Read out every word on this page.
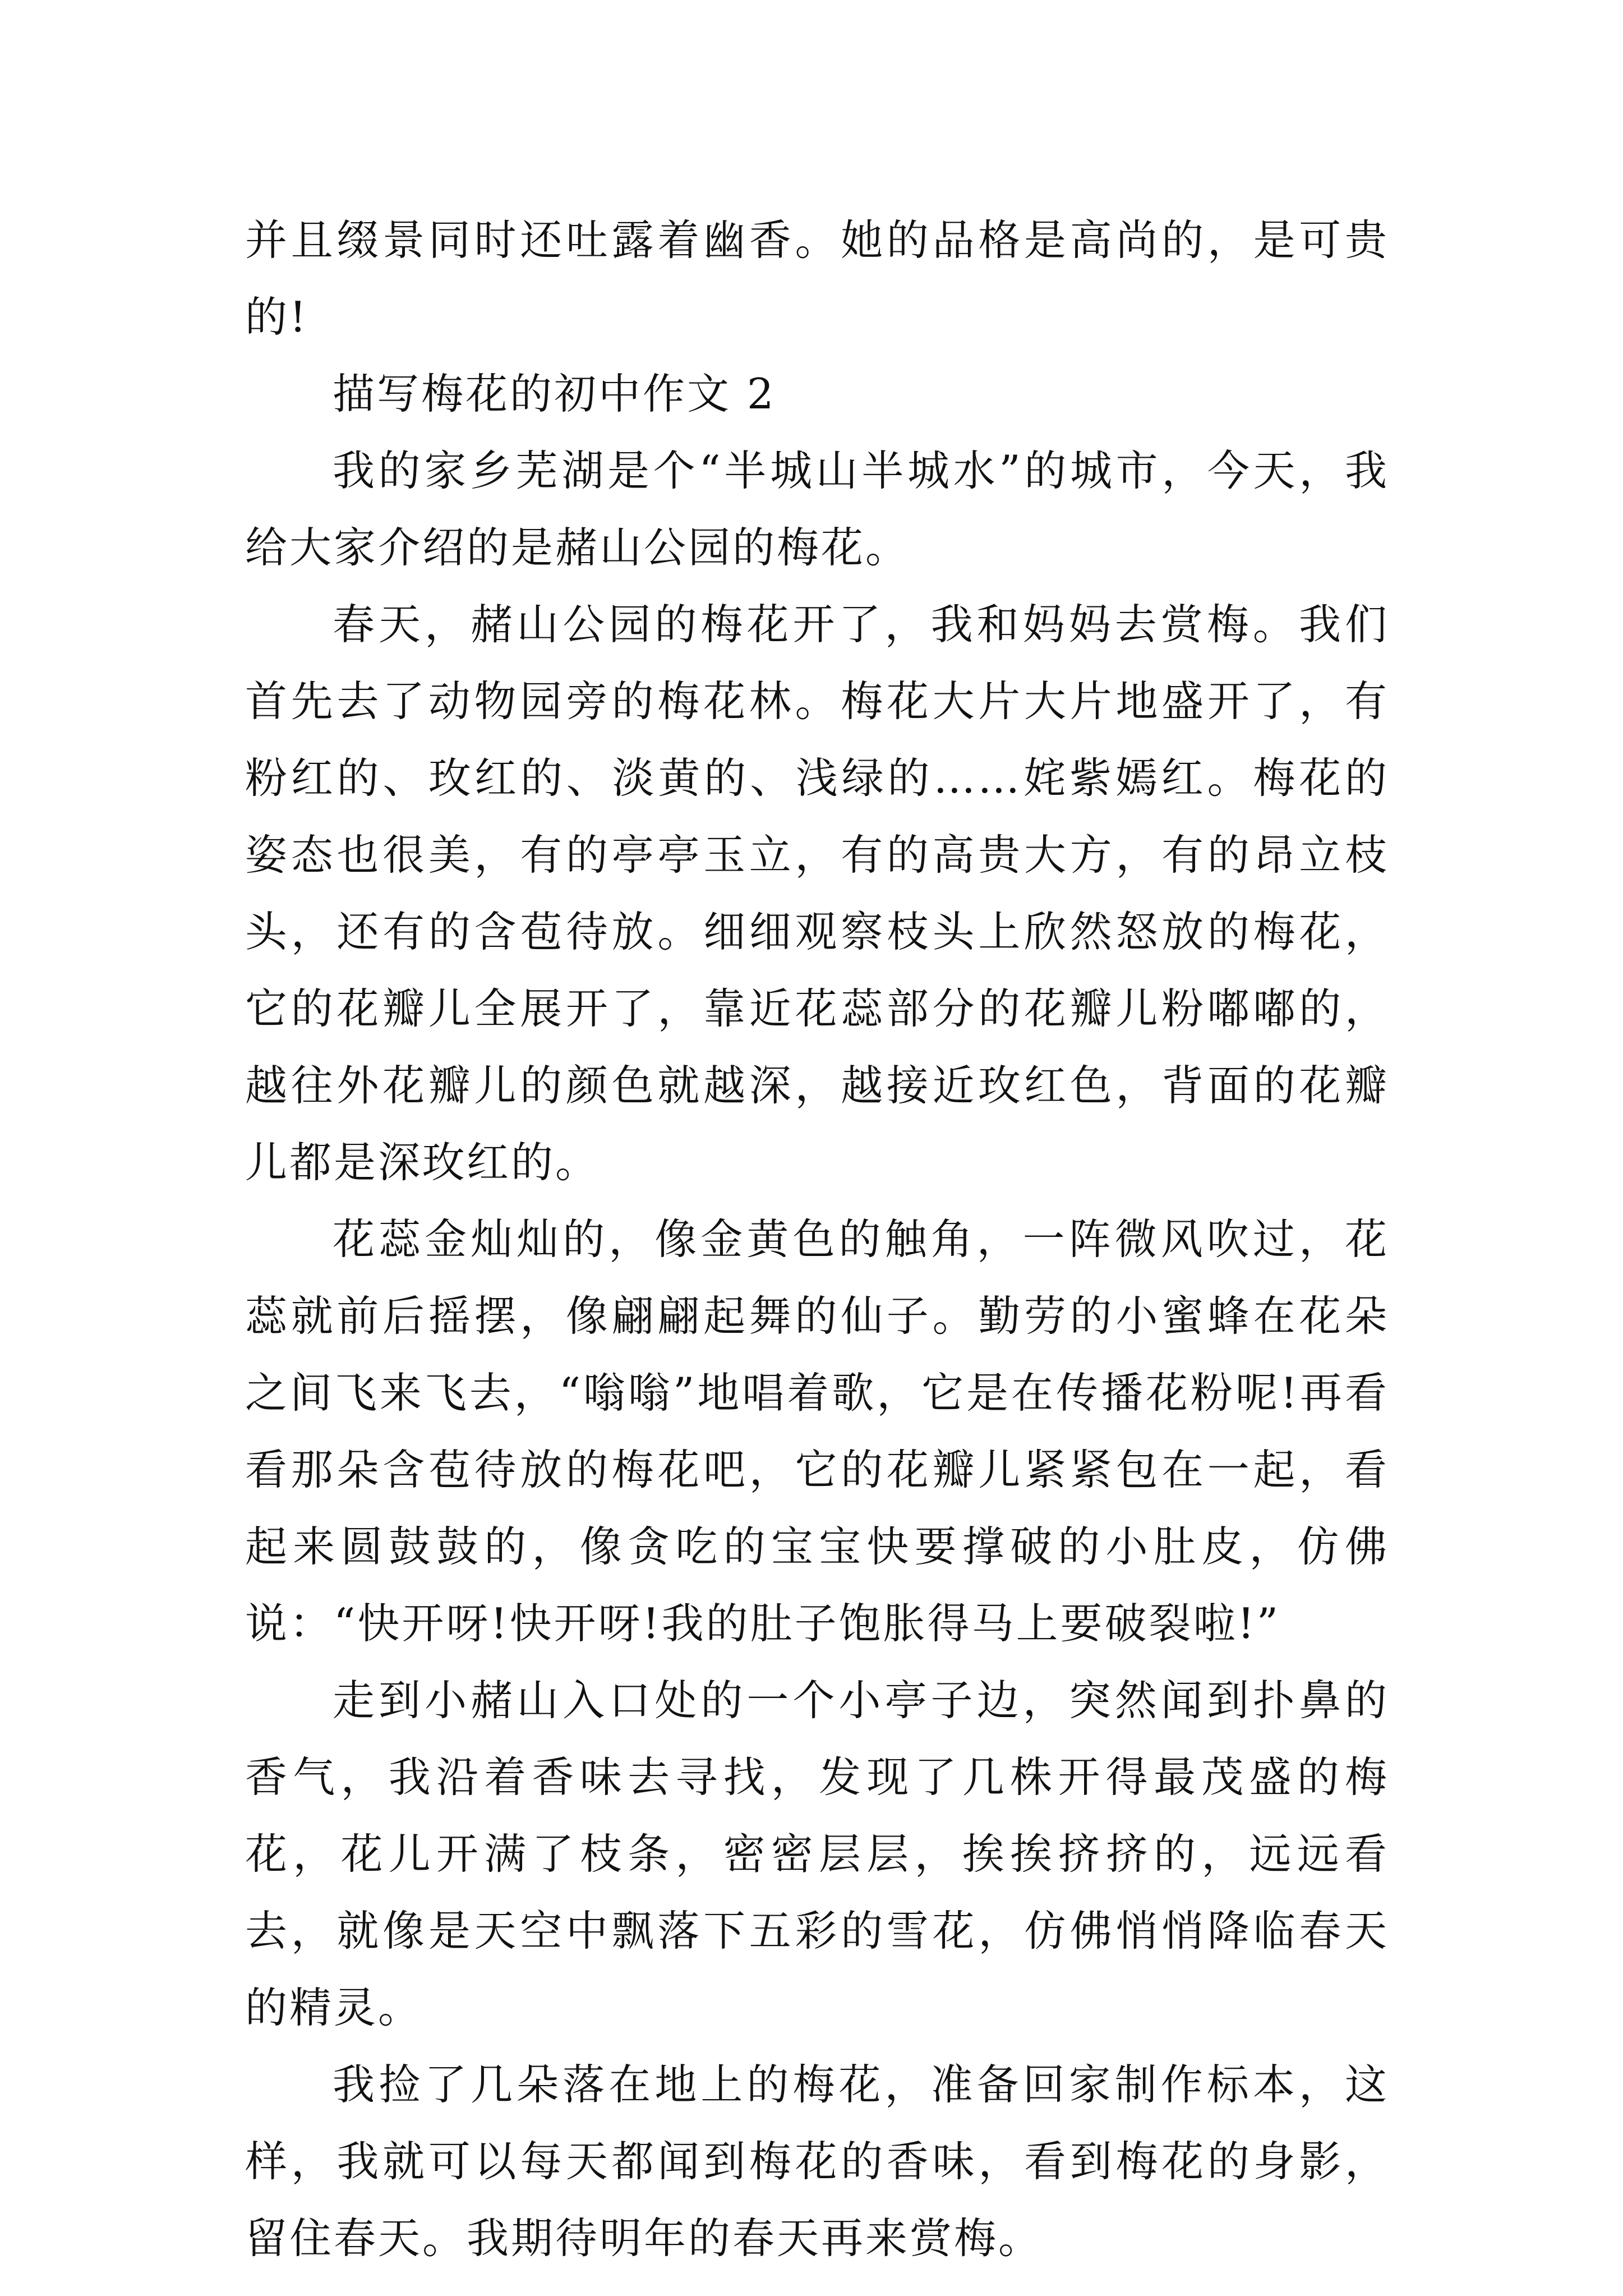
并且缀景同时还吐露着幽香。她的品格是高尚的，是可贵的!

描写梅花的初中作文 2

我的家乡芜湖是个“半城山半城水”的城市，今天，我给大家介绍的是赭山公园的梅花。

春天，赭山公园的梅花开了，我和妈妈去赏梅。我们首先去了动物园旁的梅花林。梅花大片大片地盛开了，有粉红的、玫红的、淡黄的、浅绿的……姹紫嫣红。梅花的姿态也很美，有的亭亭玉立，有的高贵大方，有的昂立枝头，还有的含苞待放。细细观察枝头上欣然怒放的梅花，它的花瓣儿全展开了，靠近花蕊部分的花瓣儿粉嘟嘟的，越往外花瓣儿的颜色就越深，越接近玫红色，背面的花瓣儿都是深玫红的。

花蕊金灿灿的，像金黄色的触角，一阵微风吹过，花蕊就前后摇摆，像翩翩起舞的仙子。勤劳的小蜜蜂在花朵之间飞来飞去，“嗡嗡”地唱着歌，它是在传播花粉呢!再看看那朵含苞待放的梅花吧，它的花瓣儿紧紧包在一起，看起来圆鼓鼓的，像贪吃的宝宝快要撑破的小肚皮，仿佛说：“快开呀!快开呀!我的肚子饱胀得马上要破裂啦!”

走到小赭山入口处的一个小亭子边，突然闻到扑鼻的香气，我沿着香味去寻找，发现了几株开得最茂盛的梅花，花儿开满了枝条，密密层层，挨挨挤挤的，远远看去，就像是天空中飘落下五彩的雪花，仿佛悄悄降临春天的精灵。

我捡了几朵落在地上的梅花，准备回家制作标本，这样，我就可以每天都闻到梅花的香味，看到梅花的身影，留住春天。我期待明年的春天再来赏梅。
